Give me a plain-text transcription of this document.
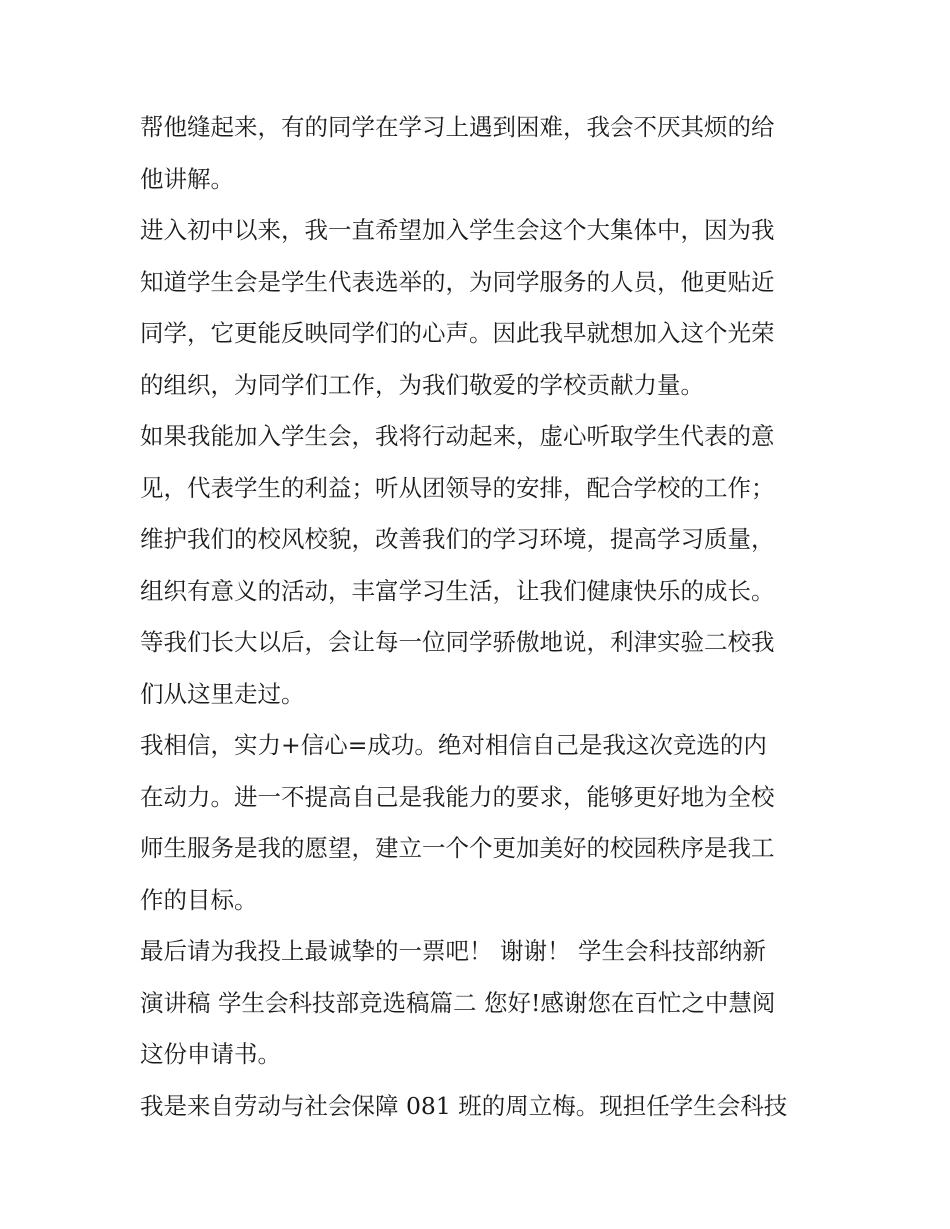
帮他缝起来，有的同学在学习上遇到困难，我会不厌其烦的给
他讲解。

进入初中以来，我一直希望加入学生会这个大集体中，因为我
知道学生会是学生代表选举的，为同学服务的人员，他更贴近
同学，它更能反映同学们的心声。因此我早就想加入这个光荣
的组织，为同学们工作，为我们敬爱的学校贡献力量。

如果我能加入学生会，我将行动起来，虚心听取学生代表的意
见，代表学生的利益；听从团领导的安排，配合学校的工作；
维护我们的校风校貌，改善我们的学习环境，提高学习质量，
组织有意义的活动，丰富学习生活，让我们健康快乐的成长。
等我们长大以后，会让每一位同学骄傲地说，利津实验二校我
们从这里走过。

我相信，实力+信心=成功。绝对相信自己是我这次竞选的内
在动力。进一不提高自己是我能力的要求，能够更好地为全校
师生服务是我的愿望，建立一个个更加美好的校园秩序是我工
作的目标。

最后请为我投上最诚挚的一票吧！ 谢谢！ 学生会科技部纳新
演讲稿 学生会科技部竞选稿篇二 您好!感谢您在百忙之中慧阅
这份申请书。

我是来自劳动与社会保障 081 班的周立梅。现担任学生会科技
